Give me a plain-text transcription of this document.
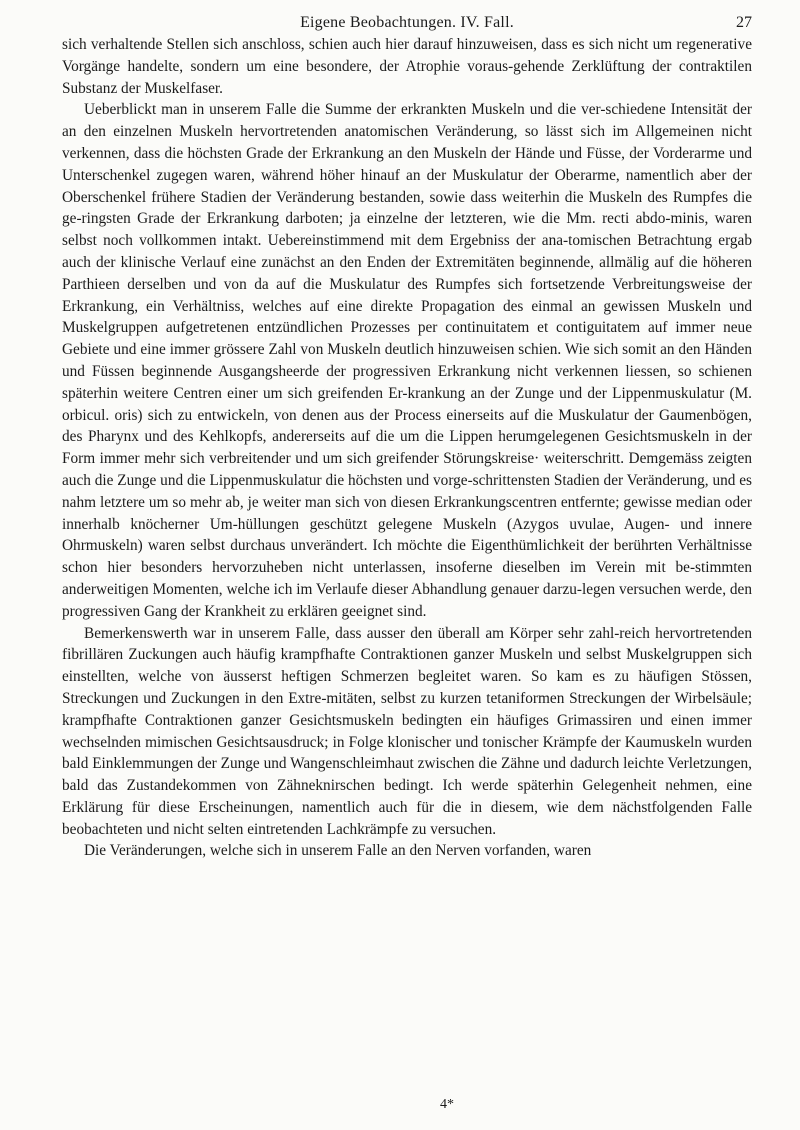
Eigene Beobachtungen. IV. Fall.	27

sich verhaltende Stellen sich anschloss, schien auch hier darauf hinzuweisen, dass es sich nicht um regenerative Vorgänge handelte, sondern um eine besondere, der Atrophie voraus-gehende Zerklüftung der contraktilen Substanz der Muskelfaser.

Ueberblickt man in unserem Falle die Summe der erkrankten Muskeln und die ver-schiedene Intensität der an den einzelnen Muskeln hervortretenden anatomischen Veränderung, so lässt sich im Allgemeinen nicht verkennen, dass die höchsten Grade der Erkrankung an den Muskeln der Hände und Füsse, der Vorderarme und Unterschenkel zugegen waren, während höher hinauf an der Muskulatur der Oberarme, namentlich aber der Oberschenkel frühere Stadien der Veränderung bestanden, sowie dass weiterhin die Muskeln des Rumpfes die ge-ringsten Grade der Erkrankung darboten; ja einzelne der letzteren, wie die Mm. recti abdo-minis, waren selbst noch vollkommen intakt. Uebereinstimmend mit dem Ergebniss der ana-tomischen Betrachtung ergab auch der klinische Verlauf eine zunächst an den Enden der Extremitäten beginnende, allmälig auf die höheren Parthieen derselben und von da auf die Muskulatur des Rumpfes sich fortsetzende Verbreitungsweise der Erkrankung, ein Verhältniss, welches auf eine direkte Propagation des einmal an gewissen Muskeln und Muskelgruppen aufgetretenen entzündlichen Prozesses per continuitatem et contiguitatem auf immer neue Gebiete und eine immer grössere Zahl von Muskeln deutlich hinzuweisen schien. Wie sich somit an den Händen und Füssen beginnende Ausgangsheerde der progressiven Erkrankung nicht verkennen liessen, so schienen späterhin weitere Centren einer um sich greifenden Er-krankung an der Zunge und der Lippenmuskulatur (M. orbicul. oris) sich zu entwickeln, von denen aus der Process einerseits auf die Muskulatur der Gaumenbögen, des Pharynx und des Kehlkopfs, andererseits auf die um die Lippen herumgelegenen Gesichtsmuskeln in der Form immer mehr sich verbreitender und um sich greifender Störungskreise· weiterschritt. Demgemäss zeigten auch die Zunge und die Lippenmuskulatur die höchsten und vorge-schrittensten Stadien der Veränderung, und es nahm letztere um so mehr ab, je weiter man sich von diesen Erkrankungscentren entfernte; gewisse median oder innerhalb knöcherner Um-hüllungen geschützt gelegene Muskeln (Azygos uvulae, Augen- und innere Ohrmuskeln) waren selbst durchaus unverändert. Ich möchte die Eigenthümlichkeit der berührten Verhältnisse schon hier besonders hervorzuheben nicht unterlassen, insoferne dieselben im Verein mit be-stimmten anderweitigen Momenten, welche ich im Verlaufe dieser Abhandlung genauer darzu-legen versuchen werde, den progressiven Gang der Krankheit zu erklären geeignet sind.

Bemerkenswerth war in unserem Falle, dass ausser den überall am Körper sehr zahl-reich hervortretenden fibrillären Zuckungen auch häufig krampfhafte Contraktionen ganzer Muskeln und selbst Muskelgruppen sich einstellten, welche von äusserst heftigen Schmerzen begleitet waren. So kam es zu häufigen Stössen, Streckungen und Zuckungen in den Extre-mitäten, selbst zu kurzen tetaniformen Streckungen der Wirbelsäule; krampfhafte Contraktionen ganzer Gesichtsmuskeln bedingten ein häufiges Grimassiren und einen immer wechselnden mimischen Gesichtsausdruck; in Folge klonischer und tonischer Krämpfe der Kaumuskeln wurden bald Einklemmungen der Zunge und Wangenschleimhaut zwischen die Zähne und dadurch leichte Verletzungen, bald das Zustandekommen von Zähneknirschen bedingt. Ich werde späterhin Gelegenheit nehmen, eine Erklärung für diese Erscheinungen, namentlich auch für die in diesem, wie dem nächstfolgenden Falle beobachteten und nicht selten eintretenden Lachkrämpfe zu versuchen.

Die Veränderungen, welche sich in unserem Falle an den Nerven vorfanden, waren

4*
